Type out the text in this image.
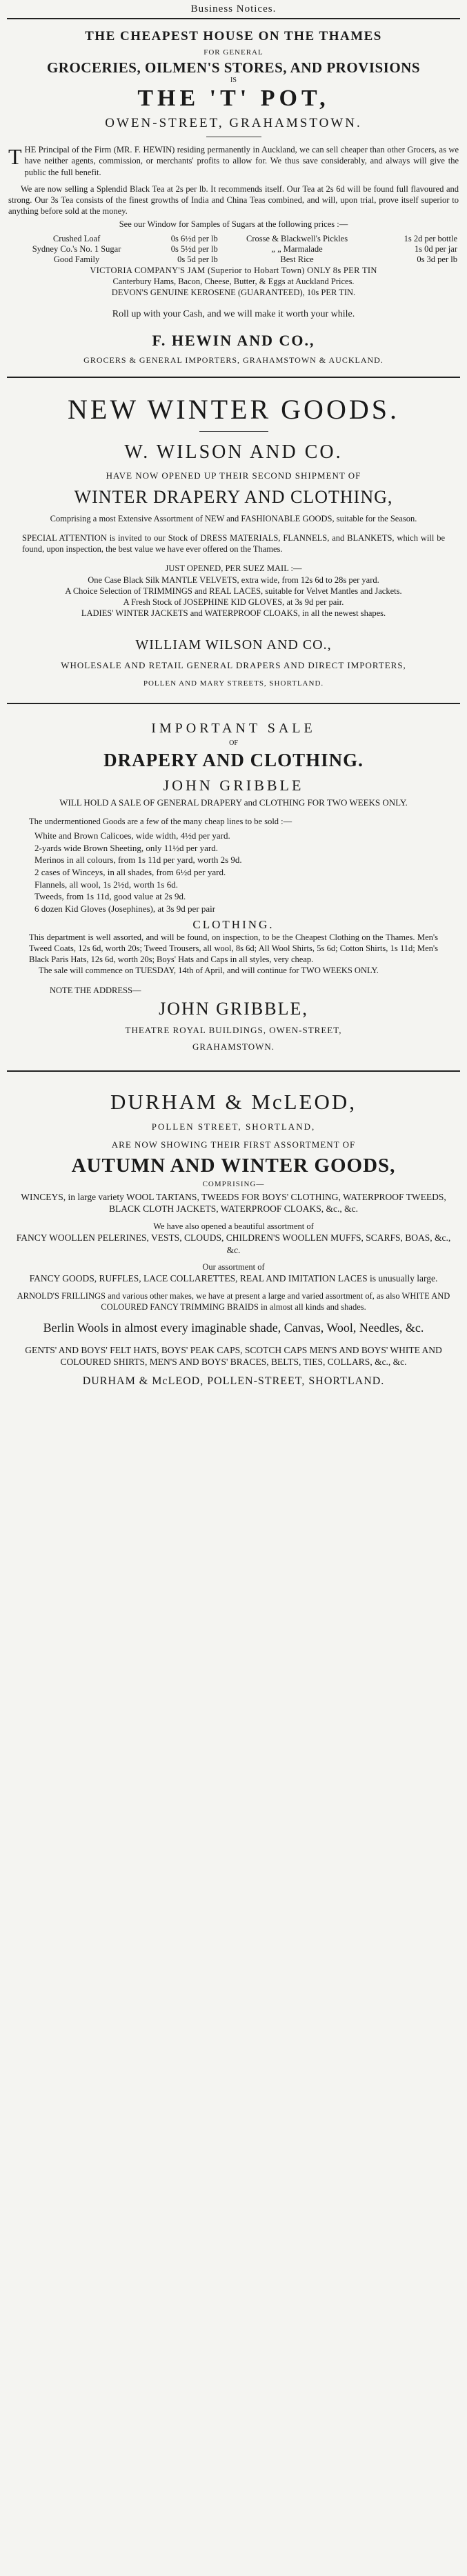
Business Notices.
THE CHEAPEST HOUSE ON THE THAMES
FOR GENERAL
GROCERIES, OILMEN'S STORES, AND PROVISIONS
IS
THE 'T' POT,
OWEN-STREET, GRAHAMSTOWN.
THE Principal of the Firm (MR. F. HEWIN) residing permanently in Auckland, we can sell cheaper than other Grocers, as we have neither agents, commission, or merchants' profits to allow for. We thus save considerably, and always will give the public the full benefit.
We are now selling a Splendid Black Tea at 2s per lb. It recommends itself. Our Tea at 2s 6d will be found full flavoured and strong. Our 3s Tea consists of the finest growths of India and China Teas combined, and will, upon trial, prove itself superior to anything before sold at the money.
See our Window for Samples of Sugars at the following prices :—
Crushed Loaf	0s 6½d per lb	Crosse & Blackwell's Pickles	1s 2d per bottle
Sydney Co.'s No. 1 Sugar	0s 5½d per lb	„ „ Marmalade	1s 0d per jar
Good Family	0s 5d per lb	Best Rice	0s 3d per lb
VICTORIA COMPANY'S JAM (Superior to Hobart Town) ONLY 8s PER TIN
Canterbury Hams, Bacon, Cheese, Butter, & Eggs at Auckland Prices.
DEVON'S GENUINE KEROSENE (GUARANTEED), 10s PER TIN.
Roll up with your Cash, and we will make it worth your while.
F. HEWIN AND CO.,
GROCERS & GENERAL IMPORTERS, GRAHAMSTOWN & AUCKLAND.
NEW WINTER GOODS.
W. WILSON AND CO.
HAVE NOW OPENED UP THEIR SECOND SHIPMENT OF
WINTER DRAPERY AND CLOTHING,
Comprising a most Extensive Assortment of NEW and FASHIONABLE GOODS, suitable for the Season.
SPECIAL ATTENTION is invited to our Stock of DRESS MATERIALS, FLANNELS, and BLANKETS, which will be found, upon inspection, the best value we have ever offered on the Thames.
JUST OPENED, PER SUEZ MAIL :—
One Case Black Silk MANTLE VELVETS, extra wide, from 12s 6d to 28s per yard.
A Choice Selection of TRIMMINGS and REAL LACES, suitable for Velvet Mantles and Jackets.
A Fresh Stock of JOSEPHINE KID GLOVES, at 3s 9d per pair.
LADIES' WINTER JACKETS and WATERPROOF CLOAKS, in all the newest shapes.
WILLIAM WILSON AND CO.,
WHOLESALE AND RETAIL GENERAL DRAPERS AND DIRECT IMPORTERS,
POLLEN AND MARY STREETS, SHORTLAND.
IMPORTANT SALE
OF
DRAPERY AND CLOTHING.
JOHN GRIBBLE
WILL HOLD A SALE OF GENERAL DRAPERY and CLOTHING FOR TWO WEEKS ONLY.
The undermentioned Goods are a few of the many cheap lines to be sold :—
White and Brown Calicoes, wide width, 4½d per yard.
2-yards wide Brown Sheeting, only 11½d per yard.
Merinos in all colours, from 1s 11d per yard, worth 2s 9d.
2 cases of Winceys, in all shades, from 6½d per yard.
Flannels, all wool, 1s 2½d, worth 1s 6d.
Tweeds, from 1s 11d, good value at 2s 9d.
6 dozen Kid Gloves (Josephines), at 3s 9d per pair
CLOTHING.
This department is well assorted, and will be found, on inspection, to be the Cheapest Clothing on the Thames. Men's Tweed Coats, 12s 6d, worth 20s; Tweed Trousers, all wool, 8s 6d; All Wool Shirts, 5s 6d; Cotton Shirts, 1s 11d; Men's Black Paris Hats, 12s 6d, worth 20s; Boys' Hats and Caps in all styles, very cheap.
The sale will commence on TUESDAY, 14th of April, and will continue for TWO WEEKS ONLY.
NOTE THE ADDRESS—
JOHN GRIBBLE,
THEATRE ROYAL BUILDINGS, OWEN-STREET,
GRAHAMSTOWN.
DURHAM & McLEOD,
POLLEN STREET, SHORTLAND,
ARE NOW SHOWING THEIR FIRST ASSORTMENT OF
AUTUMN AND WINTER GOODS,
COMPRISING—
WINCEYS, in large variety WOOL TARTANS, TWEEDS FOR BOYS' CLOTHING, WATERPROOF TWEEDS, BLACK CLOTH JACKETS, WATERPROOF CLOAKS, &c., &c.
We have also opened a beautiful assortment of
FANCY WOOLLEN PELERINES, VESTS, CLOUDS, CHILDREN'S WOOLLEN MUFFS, SCARFS, BOAS, &c., &c.
Our assortment of
FANCY GOODS, RUFFLES, LACE COLLARETTES, REAL AND IMITATION LACES is unusually large.
ARNOLD'S FRILLINGS and various other makes, we have at present a large and varied assortment of, as also WHITE AND COLOURED FANCY TRIMMING BRAIDS in almost all kinds and shades.
Berlin Wools in almost every imaginable shade, Canvas, Wool, Needles, &c.
GENTS' AND BOYS' FELT HATS, BOYS' PEAK CAPS, SCOTCH CAPS MEN'S AND BOYS' WHITE AND COLOURED SHIRTS, MEN'S AND BOYS' BRACES, BELTS, TIES, COLLARS, &c., &c.
DURHAM & McLEOD, POLLEN-STREET, SHORTLAND.
